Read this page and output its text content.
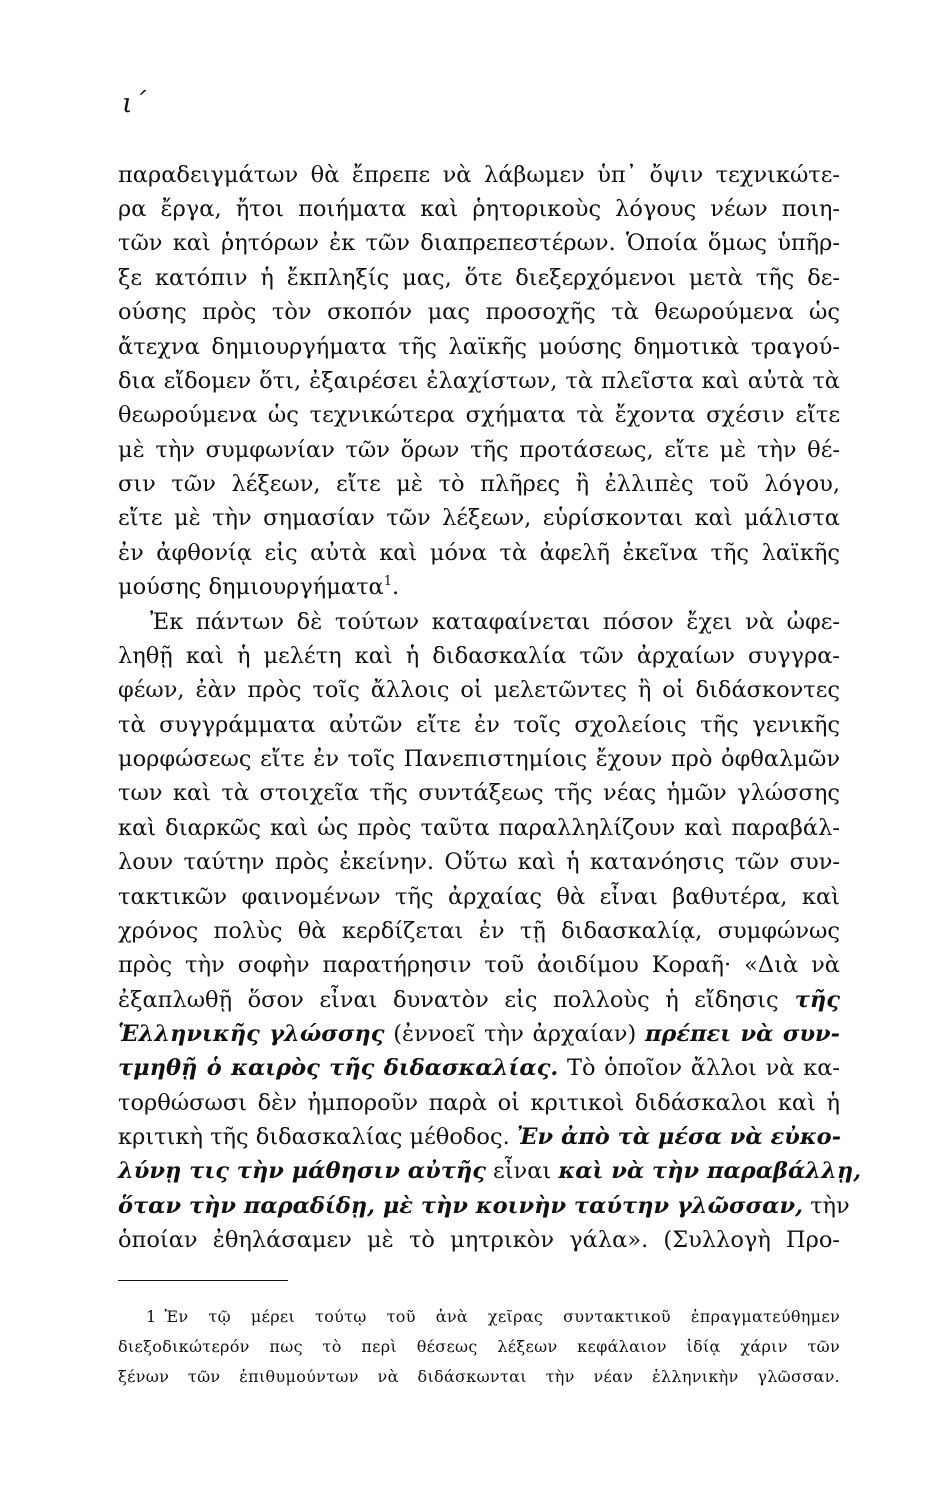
ι΄
παραδειγμάτων θὰ ἔπρεπε νὰ λάβωμεν ὑπ᾿ ὄψιν τεχνικώτε-
ρα ἔργα, ἤτοι ποιήματα καὶ ῥητορικοὺς λόγους νέων ποιη-
τῶν καὶ ῥητόρων ἐκ τῶν διαπρεπεστέρων. Ὁποία ὅμως ὑπῆρ-
ξε κατόπιν ἡ ἔκπληξίς μας, ὅτε διεξερχόμενοι μετὰ τῆς δε-
ούσης πρὸς τὸν σκοπόν μας προσοχῆς τὰ θεωρούμενα ὡς
ἄτεχνα δημιουργήματα τῆς λαϊκῆς μούσης δημοτικὰ τραγού-
δια εἴδομεν ὅτι, ἐξαιρέσει ἐλαχίστων, τὰ πλεῖστα καὶ αὐτὰ τὰ
θεωρούμενα ὡς τεχνικώτερα σχήματα τὰ ἔχοντα σχέσιν εἴτε
μὲ τὴν συμφωνίαν τῶν ὅρων τῆς προτάσεως, εἴτε μὲ τὴν θέ-
σιν τῶν λέξεων, εἴτε μὲ τὸ πλῆρες ἢ ἐλλιπὲς τοῦ λόγου,
εἴτε μὲ τὴν σημασίαν τῶν λέξεων, εὑρίσκονται καὶ μάλιστα
ἐν ἀφθονίᾳ εἰς αὐτὰ καὶ μόνα τὰ ἀφελῆ ἐκεῖνα τῆς λαϊκῆς
μούσης δημιουργήματα$^1$.
Ἐκ πάντων δὲ τούτων καταφαίνεται πόσον ἔχει νὰ ὠφε-
ληθῇ καὶ ἡ μελέτη καὶ ἡ διδασκαλία τῶν ἀρχαίων συγγρα-
φέων, ἐὰν πρὸς τοῖς ἄλλοις οἱ μελετῶντες ἢ οἱ διδάσκοντες
τὰ συγγράμματα αὐτῶν εἴτε ἐν τοῖς σχολείοις τῆς γενικῆς
μορφώσεως εἴτε ἐν τοῖς Πανεπιστημίοις ἔχουν πρὸ ὀφθαλμῶν
των καὶ τὰ στοιχεῖα τῆς συντάξεως τῆς νέας ἡμῶν γλώσσης
καὶ διαρκῶς καὶ ὡς πρὸς ταῦτα παραλληλίζουν καὶ παραβάλ-
λουν ταύτην πρὸς ἐκείνην. Οὕτω καὶ ἡ κατανόησις τῶν συν-
τακτικῶν φαινομένων τῆς ἀρχαίας θὰ εἶναι βαθυτέρα, καὶ
χρόνος πολὺς θὰ κερδίζεται ἐν τῇ διδασκαλίᾳ, συμφώνως
πρὸς τὴν σοφὴν παρατήρησιν τοῦ ἀοιδίμου Κοραῆ· «Διὰ νὰ
ἐξαπλωθῇ ὅσον εἶναι δυνατὸν εἰς πολλοὺς ἡ εἴδησις τῆς
Ἑλληνικῆς γλώσσης (ἐννοεῖ τὴν ἀρχαίαν) πρέπει νὰ συν-
τμηθῇ ὁ καιρὸς τῆς διδασκαλίας. Τὸ ὁποῖον ἄλλοι νὰ κα-
τορθώσωσι δὲν ἠμποροῦν παρὰ οἱ κριτικοὶ διδάσκαλοι καὶ ἡ
κριτικὴ τῆς διδασκαλίας μέθοδος. Ἐν ἀπὸ τὰ μέσα νὰ εὐκο-
λύνῃ τις τὴν μάθησιν αὐτῆς εἶναι καὶ νὰ τὴν παραβάλλῃ,
ὅταν τὴν παραδίδῃ, μὲ τὴν κοινὴν ταύτην γλῶσσαν, τὴν
ὁποίαν ἐθηλάσαμεν μὲ τὸ μητρικὸν γάλα». (Συλλογὴ Προ-
1 Ἐν τῷ μέρει τούτῳ τοῦ ἀνὰ χεῖρας συντακτικοῦ ἐπραγματεύθημεν
διεξοδικώτερόν πως τὸ περὶ θέσεως λέξεων κεφάλαιον ἰδίᾳ χάριν τῶν
ξένων τῶν ἐπιθυμούντων νὰ διδάσκωνται τὴν νέαν ἑλληνικὴν γλῶσσαν.
